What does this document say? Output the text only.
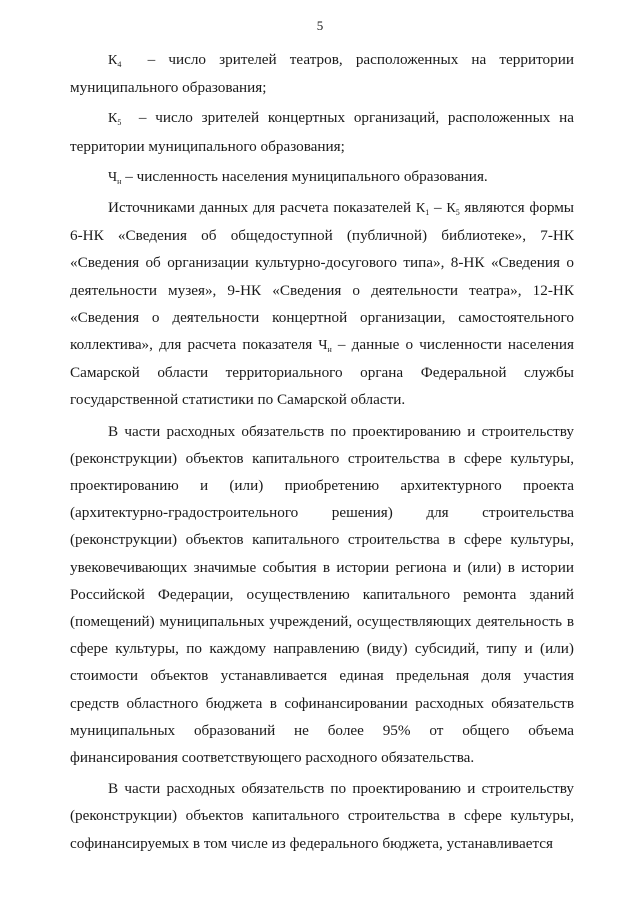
5

$К_4$  – число зрителей театров, расположенных на территории муниципального образования;

$К_5$  – число зрителей концертных организаций, расположенных на территории муниципального образования;

$Ч_н$ – численность населения муниципального образования.

Источниками данных для расчета показателей $К_1 - К_5$ являются формы 6-НК «Сведения об общедоступной (публичной) библиотеке», 7-НК «Сведения об организации культурно-досугового типа», 8-НК «Сведения о деятельности музея», 9-НК «Сведения о деятельности театра», 12-НК «Сведения о деятельности концертной организации, самостоятельного коллектива», для расчета показателя $Ч_н$ – данные о численности населения Самарской области территориального органа Федеральной службы государственной статистики по Самарской области.

В части расходных обязательств по проектированию и строительству (реконструкции) объектов капитального строительства в сфере культуры, проектированию и (или) приобретению архитектурного проекта (архитектурно-градостроительного решения) для строительства (реконструкции) объектов капитального строительства в сфере культуры, увековечивающих значимые события в истории региона и (или) в истории Российской Федерации, осуществлению капитального ремонта зданий (помещений) муниципальных учреждений, осуществляющих деятельность в сфере культуры, по каждому направлению (виду) субсидий, типу и (или) стоимости объектов устанавливается единая предельная доля участия средств областного бюджета в софинансировании расходных обязательств муниципальных образований не более 95% от общего объема финансирования соответствующего расходного обязательства.

В части расходных обязательств по проектированию и строительству (реконструкции) объектов капитального строительства в сфере культуры, софинансируемых в том числе из федерального бюджета, устанавливается
